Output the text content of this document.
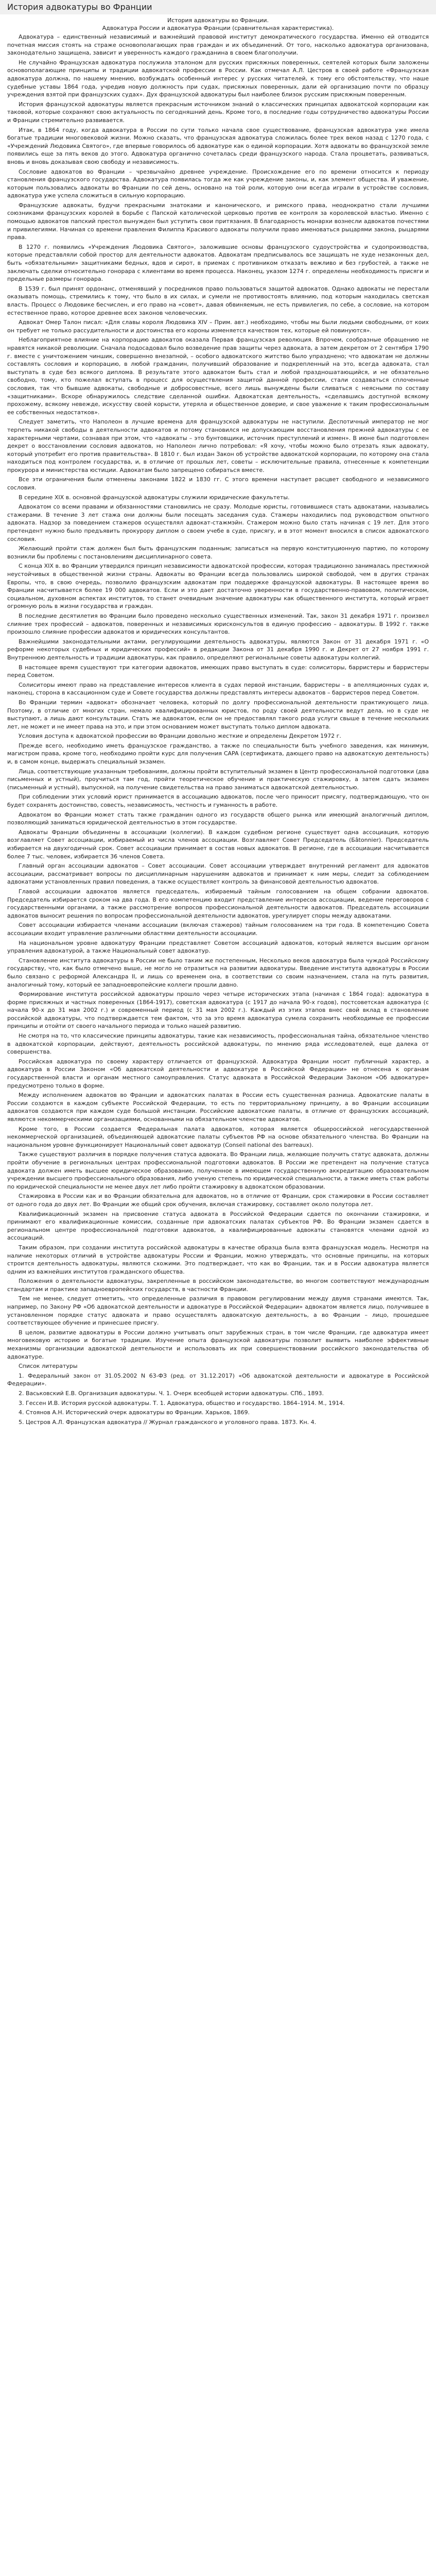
История адвокатуры во Франции
История адвокатуры во Франции.
Адвокатура России и адвокатура Франции (сравнительная характеристика).

Адвокатура – единственный независимый и важнейший правовой институт демократического государства. Именно ей отводится почетная миссия стоять на страже основополагающих прав граждан и их объединений. От того, насколько адвокатура организована, законодательно защищена, зависит и уверенность каждого гражданина в своем благополучии.

Не случайно Французская адвокатура послужила эталоном для русских присяжных поверенных, сеятелей которых были заложены основополагающие принципы и традиции адвокатской профессии в России. Как отмечал А.Л. Цестров в своей работе «Французская адвокатура должна, по нашему мнению, возбуждать особенный интерес у русских читателей, к тому его обстоятельству, что наше судебные уставы 1864 года, учредив новую должность при судах, присяжных поверенных, дали ей организацию почти по образцу учреждения взятой при французских судах». Дух французской адвокатуры был наиболее близок русским присяжным поверенным.

История французской адвокатуры является прекрасным источником знаний о классических принципах адвокатской корпорации как таковой, которые сохраняют свою актуальность по сегодняшний день. Кроме того, в последние годы сотрудничество адвокатуры России и Франции стремительно развивается.

Итак, в 1864 году, когда адвокатура в России по сути только начала свое существование, французская адвокатура уже имела богатые традиции многовековой жизни. Можно сказать, что французская адвокатура сложилась более трех веков назад с 1270 года, с «Учреждений Людовика Святого», где впервые говорилось об адвокатуре как о единой корпорации. Хотя адвокаты во французской земле появились еще за пять веков до этого. Адвокатура органично сочеталась среди французского народа. Стала процветать, развиваться, вновь и вновь доказывая свою свободу и независимость.

Сословие адвокатов во Франции – чрезвычайно древнее учреждение. Происхождение его по времени относится к периоду становления французского государства. Адвокатура появилась тогда же как учреждение законы, и, как элемент общества. И уважение, которым пользовались адвокаты во Франции по сей день, основано на той роли, которую они всегда играли в устройстве сословия, адвокатура уже успела сложиться в сильную корпорацию.

Французские адвокаты, будучи прекрасными знатоками и канонического, и римского права, неоднократно стали лучшими союзниками французских королей в борьбе с Папской католической церковью против ее контроля за королевской властью. Именно с помощью адвокатов папский престол вынужден был уступить свои притязания. В благодарность монархи вознесли адвокатов почестями и привилегиями. Начиная со времени правления Филиппа Красивого адвокаты получили право именоваться рыцарями закона, рыцарями права.

В 1270 г. появились «Учреждения Людовика Святого», заложившие основы французского судоустройства и судопроизводства, которые представляли собой простор для деятельности адвокатов. Адвокатам предписывалось все защищать не худе незаконных дел, быть «обязательными» защитниками бедных, вдов и сирот, в приемах с противником отказать вежливо и без грубостей, а также не заключать сделки относительно гонорара с клиентами во время процесса. Наконец, указом 1274 г. определены необходимость присяги и предельные размеры гонорара.

В 1539 г. был принят ордонанс, отменявший у посредников право пользоваться защитой адвокатов. Однако адвокаты не перестали оказывать помощь, стремились к тому, что было в их силах, и сумели не противостоять влиянию, под которым находилась светская власть. Процесс о Людовике бесчислен, и его право на «совет», давая обвиняемым, не есть привилегия, по себе, а сословие, на котором естественное право, которое древнее всех законов человеческих.

Адвокат Омер Талон писал: «Для славы короля Людовика XIV – Прим. авт.) необходимо, чтобы мы были людьми свободными, от коих он требует не только рассудительности и достоинства его короны изменяется качеством тех, которые ей повинуются».

Неблагоприятное влияние на корпорацию адвокатов оказала Первая французская революция. Впрочем, сообразные обращению не нравятся никакой революции. Сначала подосадовал было возведение прав защиты через адвоката, а затем декретом от 2 сентября 1790 г. вместе с уничтожением чиншик, совершенно внезапной, – особого адвокатского житство было упразднено; что адвокатам не должны составлять сословия и корпорацию, в любой гражданин, получивший образование и подкрепленный на это, всегда адвоката, стал выступать в суде без всякого диплома. В результате этого адвокатом быть стал и любой праздношатающийся, и не обязательно свободно, тому, кто пожелал вступать в процесс для осуществления защитой данной профессии, стали создаваться сплоченные сословия, так что бывшие адвокаты, свободные и добросовестные, всего лишь вынуждены были сливаться с неясными по составу «защитниками». Вскоре обнаружилось следствие сделанной ошибки. Адвокатская деятельность, «сделавшись доступной всякому прохожему, всякому невежде, искусству своей корысти, утеряла и общественное доверие, и свое уважение к таким профессиональным ее собственных недостатков».

Следует заметить, что Наполеон в лучшие времена для французской адвокатуры не наступили. Деспотичный император не мог терпеть никакой свободы в деятельности адвокатов и потому становился не допускающим восстановления прежней адвокатуры с ее характерными чертами, сознавая при этом, что «адвокаты – это бунтовщики, источник преступлений и измен». В июне был подготовлен декрет о восстановлении сословия адвокатов, но Наполеон лично потребовал: «Я хочу, чтобы можно было отрезать язык адвокату, который употребит его против правительства». В 1810 г. был издан Закон об устройстве адвокатской корпорации, по которому она стала находиться под контролем государства, и, в отличие от прошлых лет, советы – исключительные правила, отнесенные к компетенции прокурора и министерства юстиции. Адвокатам было запрещено собираться вместе.

Все эти ограничения были отменены законами 1822 и 1830 гг. С этого времени наступает расцвет свободного и независимого сословия.

В середине XIX в. основной французской адвокатуры служили юридические факультеты.

Адвокатом со всеми правами и обязанностями становились не сразу. Молодые юристы, готовившиеся стать адвокатами, назывались стажерами. В течение 3 лет стажа они должны были посещать заседания суда. Стажеры находились под руководством опытного адвоката. Надзор за поведением стажеров осуществлял адвокат-стажмэйн. Стажером можно было стать начиная с 19 лет. Для этого претендент нужно было предъявить прокурору диплом о своем учебе в суде, присягу, и в этот момент вносился в список адвокатского сословия.

Желающий пройти стаж должен был быть французским поданным; записаться на первую конституционную партию, по которому возникли бы проблемы с постановлениям дисциплинарного совета.

С конца XIX в. во Франции утвердился принцип независимости адвокатской профессии, которая традиционно занималась престижной неустойчивых в общественной жизни страны. Адвокаты во Франции всегда пользовались широкой свободой, чем в других странах Европы, что, в свою очередь, позволило французским адвокатам при поддержке французской адвокатуры. В настоящее время во Франции насчитывается более 19 000 адвокатов. Если и это дает достаточно уверенности в государственно-правовом, политическом, социальном, духовном аспектах институтов, то станет очевидным значение адвокатуры как общественного института, который играет огромную роль в жизни государства и граждан.

В последние десятилетия во Франции было проведено несколько существенных изменений. Так, закон 31 декабря 1971 г. произвел слияние трех профессий – адвокатов, поверенных и независимых юрисконсультов в единую профессию – адвокатуры. В 1992 г. также произошло слияние профессии адвокатов и юридических консультантов.

Важнейшими законодательными актами, регулирующими деятельность адвокатуры, являются Закон от 31 декабря 1971 г. «О реформе некоторых судебных и юридических профессий» в редакции Закона от 31 декабря 1990 г. и Декрет от 27 ноября 1991 г. Внутреннюю деятельность и традиции адвокатуры, как правило, определяют региональные советы адвокатуры коллегий.

В настоящее время существуют три категории адвокатов, имеющих право выступать в суде: солиситоры, барристеры и барристеры перед Советом.

Солиситоры имеют право на представление интересов клиента в судах первой инстанции, барристеры – в апелляционных судах и, наконец, сторона в кассационном суде и Совете государства должны представлять интересы адвокатов – барристеров перед Советом.

Во Франции термин «адвокат» обозначает человека, который по долгу профессиональной деятельности практикующего лица. Поэтому, в отличие от многих стран, немало квалифицированных юристов, по роду своей деятельности ведут дела, но в суде не выступают, а лишь дают консультации. Стать же адвокатом, если он не предоставлял такого рода услуги свыше в течение нескольких лет, не может и не имеет права на это, и при этом основанием может выступать только диплом адвоката.

Условия доступа к адвокатской профессии во Франции довольно жесткие и определены Декретом 1972 г.

Прежде всего, необходимо иметь французское гражданство, а также по специальности быть учебного заведения, как минимум, магистром права, кроме того, необходимо пройти курс для получения CAPA (сертификата, дающего право на адвокатскую деятельность) и, в самом конце, выдержать специальный экзамен.

Лица, соответствующие указанным требованиям, должны пройти вступительный экзамен в Центр профессиональной подготовки (два письменных и устный), проучиться там год, пройти теоретическое обучение и практическую стажировку, а затем сдать экзамен (письменный и устный), выпускной, на получение свидетельства на право заниматься адвокатской деятельностью.

При соблюдении этих условий юрист принимается в ассоциацию адвокатов, после чего приносит присягу, подтверждающую, что он будет сохранять достоинство, совесть, независимость, честность и гуманность в работе.

Адвокатом во Франции может стать также гражданин одного из государств общего рынка или имеющий аналогичный диплом, позволяющий заниматься юридической деятельностью в этом государстве.

Адвокаты Франции объединены в ассоциации (коллегии). В каждом судебном регионе существует одна ассоциация, которую возглавляет Совет ассоциации, избираемый из числа членов ассоциации. Возглавляет Совет Председатель (Бâtonnier). Председатель избирается на двухгодичный срок. Совет ассоциации принимает в состав новых адвокатов. В регионе, где в ассоциации насчитывается более 7 тыс. человек, избирается 36 членов Совета.

Главный орган ассоциации адвокатов – Совет ассоциации. Совет ассоциации утверждает внутренний регламент для адвокатов ассоциации, рассматривает вопросы по дисциплинарным нарушениям адвокатов и принимает к ним меры, следит за соблюдением адвокатами установленных правил поведения, а также осуществляет контроль за финансовой деятельностью адвокатов.

Главой ассоциации адвокатов является председатель, избираемый тайным голосованием на общем собрании адвокатов. Председатель избирается сроком на два года. В его компетенцию входит представление интересов ассоциации, ведение переговоров с государственными органами, а также рассмотрение вопросов профессиональной деятельности адвокатов. Председатель ассоциации адвокатов выносит решения по вопросам профессиональной деятельности адвокатов, урегулирует споры между адвокатами.

Совет ассоциации избирается членами ассоциации (включая стажеров) тайным голосованием на три года. В компетенцию Совета ассоциации входит управление различными областями деятельности ассоциации.

На национальном уровне адвокатуру Франции представляет Советом ассоциаций адвокатов, который является высшим органом управления адвокатурой, а также Национальный совет адвокатур.

Становление института адвокатуры в России не было таким же постепенным, Несколько веков адвокатура была чуждой Российскому государству, что, как было отмечено выше, не могло не отразиться на развитии адвокатуры. Введение института адвокатуры в России было связано с реформой Александра II, и лишь со временем она, в соответствии со своим назначением, стала на путь развития, аналогичный тому, который ее западноевропейские коллеги прошли давно.

Формирование института российской адвокатуры прошло через четыре исторических этапа (начиная с 1864 года): адвокатура в форме присяжных и частных поверенных (1864-1917), советская адвокатура (с 1917 до начала 90-х годов), постсоветская адвокатура (с начала 90-х до 31 мая 2002 г.) и современный период (с 31 мая 2002 г.). Каждый из этих этапов внес свой вклад в становление российской адвокатуры, что подтверждается тем фактом, что за это время адвокатура сумела сохранить необходимые ее профессии принципы и отойти от своего начального периода и только нашей развитию.

Не смотря на то, что классические принципы адвокатуры, такие как независимость, профессиональная тайна, обязательное членство в адвокатской корпорации, действуют, деятельность российской адвокатуры, по мнению ряда исследователей, еще далека от совершенства.

Российская адвокатура по своему характеру отличается от французской. Адвокатура Франции носит публичный характер, а адвокатура в России Законом «Об адвокатской деятельности и адвокатуре в Российской Федерации» не отнесена к органам государственной власти и органам местного самоуправления. Статус адвоката в Российской Федерации Законом «Об адвокатуре» предусмотрено только в форме.

Между исполнением адвокатов во Франции и адвокатских палатах в России есть существенная разница. Адвокатские палаты в России создаются в каждом субъекте Российской Федерации, то есть по территориальному принципу, а во Франции ассоциации адвокатов создаются при каждом суде большой инстанции. Российские адвокатские палаты, в отличие от французских ассоциаций, являются некоммерческими организациями, основанными на обязательном членстве адвокатов.

Кроме того, в России создается Федеральная палата адвокатов, которая является общероссийской негосударственной некоммерческой организацией, объединяющей адвокатские палаты субъектов РФ на основе обязательного членства. Во Франции на национальном уровне функционирует Национальный совет адвокатур (Conseil national des barreaux).

Также существуют различия в порядке получения статуса адвоката. Во Франции лица, желающие получить статус адвоката, должны пройти обучение в региональных центрах профессиональной подготовки адвокатов. В России же претендент на получение статуса адвоката должен иметь высшее юридическое образование, полученное в имеющем государственную аккредитацию образовательном учреждении высшего профессионального образования, либо ученую степень по юридической специальности, а также иметь стаж работы по юридической специальности не менее двух лет либо пройти стажировку в адвокатском образовании.

Стажировка в России как и во Франции обязательна для адвокатов, но в отличие от Франции, срок стажировки в России составляет от одного года до двух лет. Во Франции же общий срок обучения, включая стажировку, составляет около полутора лет.

Квалификационный экзамен на присвоение статуса адвоката в Российской Федерации сдается по окончании стажировки, и принимают его квалификационные комиссии, созданные при адвокатских палатах субъектов РФ. Во Франции экзамен сдается в региональном центре профессиональной подготовки адвокатов, а квалифицированные адвокаты становятся членами одной из ассоциаций.

Таким образом, при создании института российской адвокатуры в качестве образца была взята французская модель. Несмотря на наличие некоторых отличий в устройстве адвокатуры России и Франции, можно утверждать, что основные принципы, на которых строится деятельность адвокатуры, являются схожими. Это подтверждает, что как во Франции, так и в России адвокатура является одним из важнейших институтов гражданского общества.

Положения о деятельности адвокатуры, закрепленные в российском законодательстве, во многом соответствуют международным стандартам и практике западноевропейских государств, в частности Франции.

Тем не менее, следует отметить, что определенные различия в правовом регулировании между двумя странами имеются. Так, например, по Закону РФ «Об адвокатской деятельности и адвокатуре в Российской Федерации» адвокатом является лицо, получившее в установленном порядке статус адвоката и право осуществлять адвокатскую деятельность, а во Франции – лицо, прошедшее соответствующее обучение и принесшее присягу.

В целом, развитие адвокатуры в России должно учитывать опыт зарубежных стран, в том числе Франции, где адвокатура имеет многовековую историю и богатые традиции. Изучение опыта французской адвокатуры позволит выявить наиболее эффективные механизмы организации адвокатской деятельности и использовать их при совершенствовании российского законодательства об адвокатуре.

Список литературы

1. Федеральный закон от 31.05.2002 N 63-ФЗ (ред. от 31.12.2017) «Об адвокатской деятельности и адвокатуре в Российской Федерации».

2. Васьковский Е.В. Организация адвокатуры. Ч. 1. Очерк всеобщей истории адвокатуры. СПб., 1893.

3. Гессен И.В. История русской адвокатуры. Т. 1. Адвокатура, общество и государство. 1864–1914. М., 1914.

4. Стоянов А.Н. Исторический очерк адвокатуры во Франции. Харьков, 1869.

5. Цестров А.Л. Французская адвокатура // Журнал гражданского и уголовного права. 1873. Кн. 4.
